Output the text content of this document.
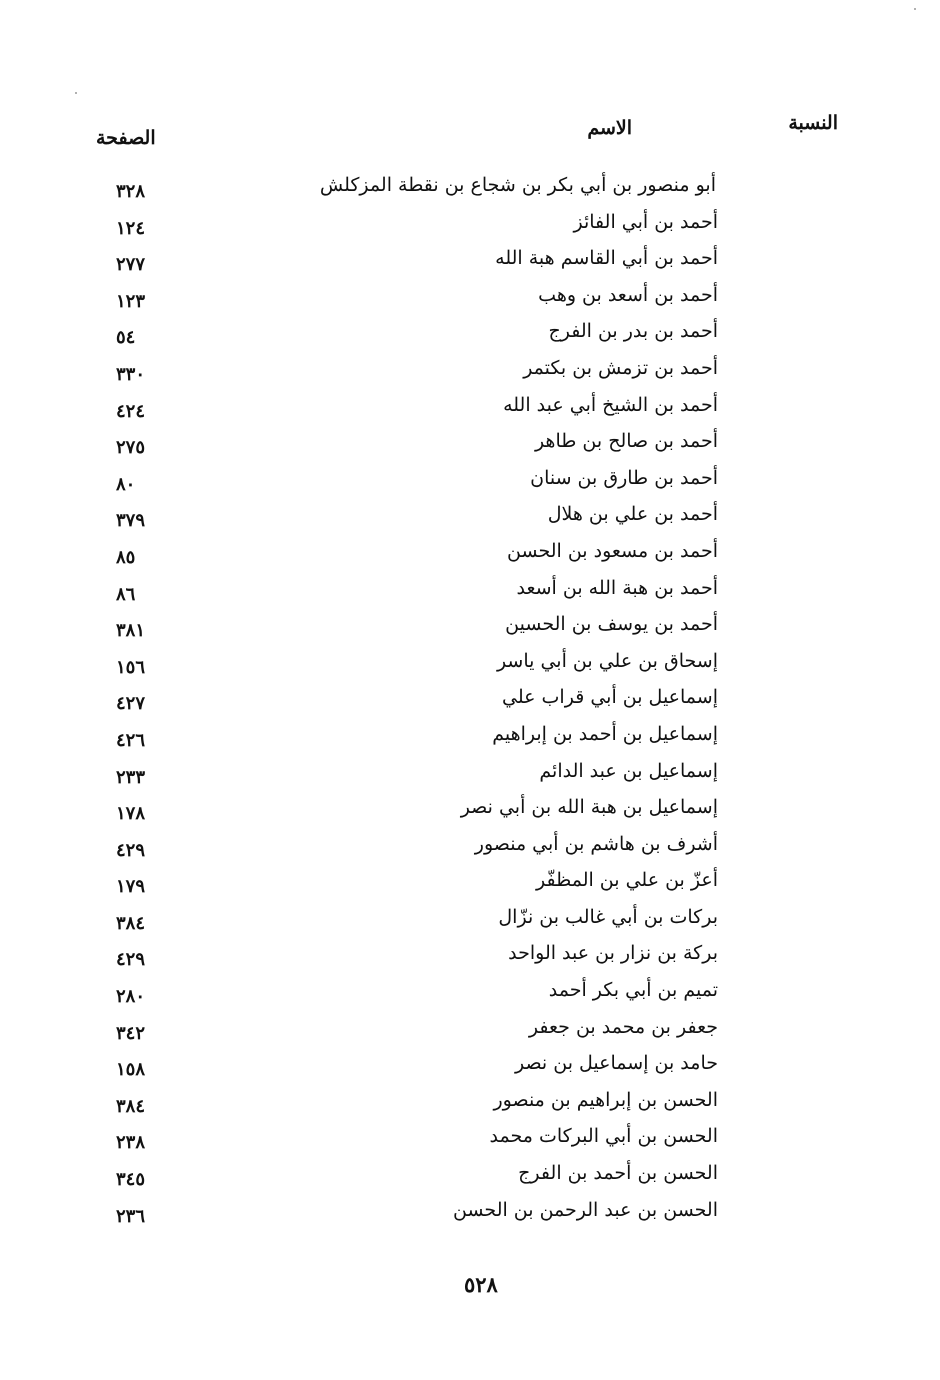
النسبة
الاسم
الصفحة
أبو منصور بن أبي بكر بن شجاع بن نقطة المزكلش
٣٢٨
أحمد بن أبي الفائز
١٢٤
أحمد بن أبي القاسم هبة الله
٢٧٧
أحمد بن أسعد بن وهب
١٢٣
أحمد بن بدر بن الفرج
٥٤
أحمد بن تزمش بن بكتمر
٣٣٠
أحمد بن الشيخ أبي عبد الله
٤٢٤
أحمد بن صالح بن طاهر
٢٧٥
أحمد بن طارق بن سنان
٨٠
أحمد بن علي بن هلال
٣٧٩
أحمد بن مسعود بن الحسن
٨٥
أحمد بن هبة الله بن أسعد
٨٦
أحمد بن يوسف بن الحسين
٣٨١
إسحاق بن علي بن أبي ياسر
١٥٦
إسماعيل بن أبي قراب علي
٤٢٧
إسماعيل بن أحمد بن إبراهيم
٤٢٦
إسماعيل بن عبد الدائم
٢٣٣
إسماعيل بن هبة الله بن أبي نصر
١٧٨
أشرف بن هاشم بن أبي منصور
٤٢٩
أعزّ بن علي بن المظفّر
١٧٩
بركات بن أبي غالب بن نزّال
٣٨٤
بركة بن نزار بن عبد الواحد
٤٢٩
تميم بن أبي بكر أحمد
٢٨٠
جعفر بن محمد بن جعفر
٣٤٢
حامد بن إسماعيل بن نصر
١٥٨
الحسن بن إبراهيم بن منصور
٣٨٤
الحسن بن أبي البركات محمد
٢٣٨
الحسن بن أحمد بن الفرج
٣٤٥
الحسن بن عبد الرحمن بن الحسن
٢٣٦
٥٢٨
